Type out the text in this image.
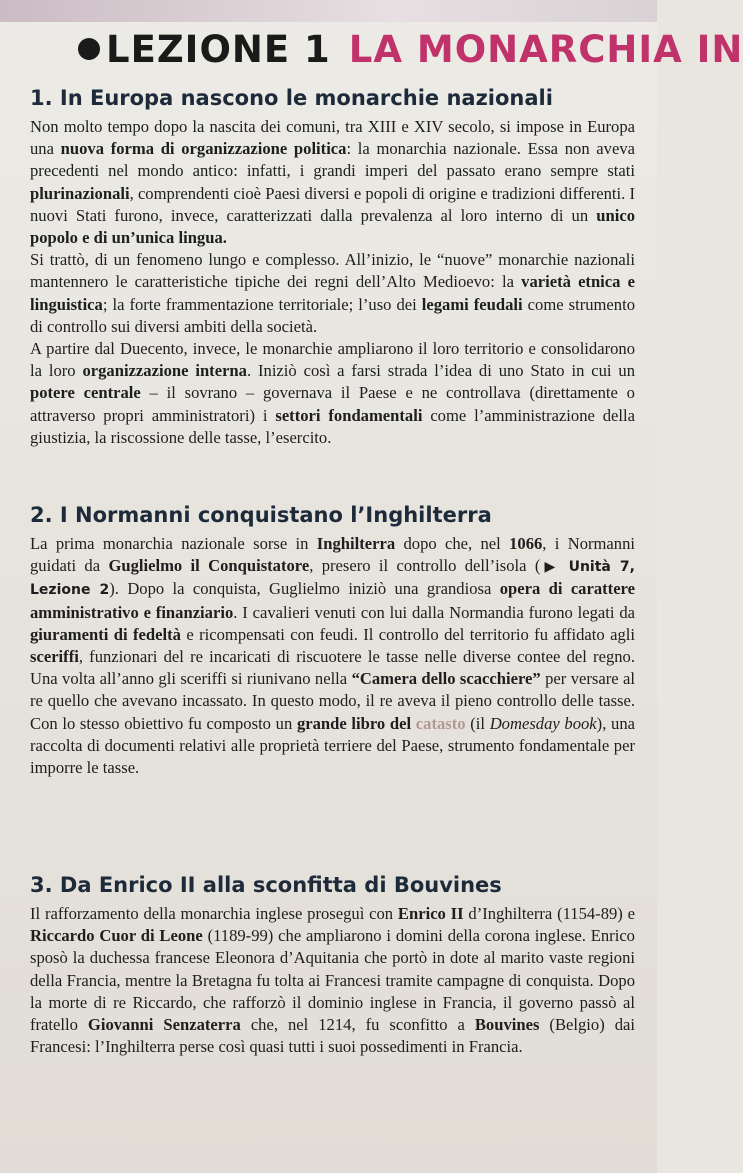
LEZIONE 1 LA MONARCHIA IN
1. In Europa nascono le monarchie nazionali

Non molto tempo dopo la nascita dei comuni, tra XIII e XIV secolo, si impose in Europa una nuova forma di organizzazione politica: la monarchia nazionale. Essa non aveva precedenti nel mondo antico: infatti, i grandi imperi del passato erano sempre stati plurinazionali, comprendenti cioè Paesi diversi e popoli di origine e tradizioni differenti. I nuovi Stati furono, invece, caratterizzati dalla prevalenza al loro interno di un unico popolo e di un’unica lingua.

Si trattò, di un fenomeno lungo e complesso. All’inizio, le “nuove” monarchie nazionali mantennero le caratteristiche tipiche dei regni dell’Alto Medioevo: la varietà etnica e linguistica; la forte frammentazione territoriale; l’uso dei legami feudali come strumento di controllo sui diversi ambiti della società.

A partire dal Duecento, invece, le monarchie ampliarono il loro territorio e consolidarono la loro organizzazione interna. Iniziò così a farsi strada l’idea di uno Stato in cui un potere centrale – il sovrano – governava il Paese e ne controllava (direttamente o attraverso propri amministratori) i settori fondamentali come l’amministrazione della giustizia, la riscossione delle tasse, l’esercito.

2. I Normanni conquistano l’Inghilterra

La prima monarchia nazionale sorse in Inghilterra dopo che, nel 1066, i Normanni guidati da Guglielmo il Conquistatore, presero il controllo dell’isola (▶ Unità 7, Lezione 2). Dopo la conquista, Guglielmo iniziò una grandiosa opera di carattere amministrativo e finanziario. I cavalieri venuti con lui dalla Normandia furono legati da giuramenti di fedeltà e ricompensati con feudi. Il controllo del territorio fu affidato agli sceriffi, funzionari del re incaricati di riscuotere le tasse nelle diverse contee del regno. Una volta all’anno gli sceriffi si riunivano nella “Camera dello scacchiere” per versare al re quello che avevano incassato. In questo modo, il re aveva il pieno controllo delle tasse. Con lo stesso obiettivo fu composto un grande libro del catasto (il Domesday book), una raccolta di documenti relativi alle proprietà terriere del Paese, strumento fondamentale per imporre le tasse.

3. Da Enrico II alla sconfitta di Bouvines

Il rafforzamento della monarchia inglese proseguì con Enrico II d’Inghilterra (1154-89) e Riccardo Cuor di Leone (1189-99) che ampliarono i domini della corona inglese. Enrico sposò la duchessa francese Eleonora d’Aquitania che portò in dote al marito vaste regioni della Francia, mentre la Bretagna fu tolta ai Francesi tramite campagne di conquista. Dopo la morte di re Riccardo, che rafforzò il dominio inglese in Francia, il governo passò al fratello Giovanni Senzaterra che, nel 1214, fu sconfitto a Bouvines (Belgio) dai Francesi: l’Inghilterra perse così quasi tutti i suoi possedimenti in Francia.
